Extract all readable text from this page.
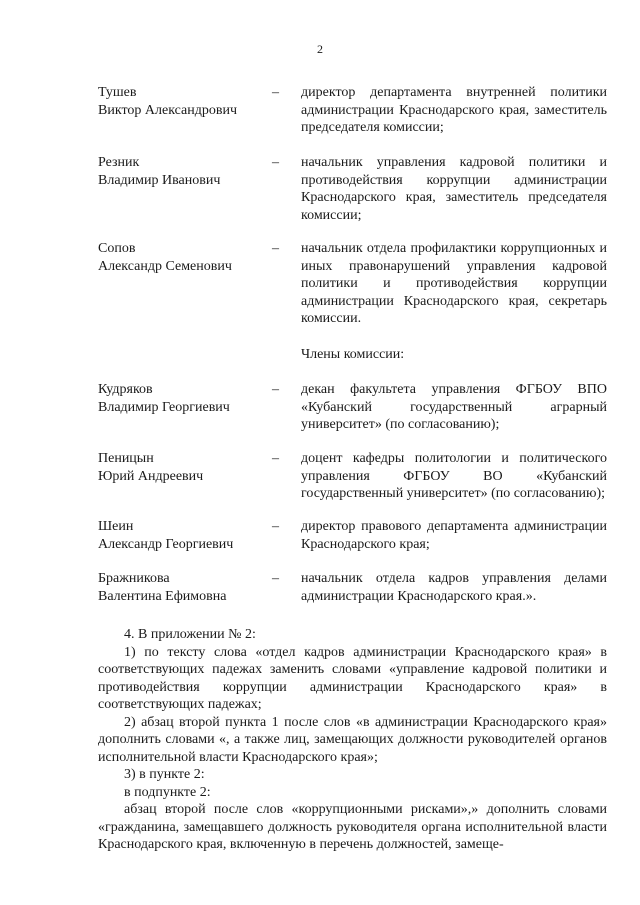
2
Тушев
Виктор Александрович
– директор департамента внутренней политики администрации Краснодарского края, заместитель председателя комиссии;
Резник
Владимир Иванович
– начальник управления кадровой политики и противодействия коррупции администрации Краснодарского края, заместитель председателя комиссии;
Сопов
Александр Семенович
– начальник отдела профилактики коррупционных и иных правонарушений управления кадровой политики и противодействия коррупции администрации Краснодарского края, секретарь комиссии.
Члены комиссии:
Кудряков
Владимир Георгиевич
– декан факультета управления ФГБОУ ВПО «Кубанский государственный аграрный университет» (по согласованию);
Пеницын
Юрий Андреевич
– доцент кафедры политологии и политического управления ФГБОУ ВО «Кубанский государственный университет» (по согласованию);
Шеин
Александр Георгиевич
– директор правового департамента администрации Краснодарского края;
Бражникова
Валентина Ефимовна
– начальник отдела кадров управления делами администрации Краснодарского края.».

4. В приложении № 2:

1) по тексту слова «отдел кадров администрации Краснодарского края» в соответствующих падежах заменить словами «управление кадровой политики и противодействия коррупции администрации Краснодарского края» в соответствующих падежах;

2) абзац второй пункта 1 после слов «в администрации Краснодарского края» дополнить словами «, а также лиц, замещающих должности руководителей органов исполнительной власти Краснодарского края»;

3) в пункте 2:

в подпункте 2:

абзац второй после слов «коррупционными рисками»,» дополнить словами «гражданина, замещавшего должность руководителя органа исполнительной власти Краснодарского края, включенную в перечень должностей, замеще-
